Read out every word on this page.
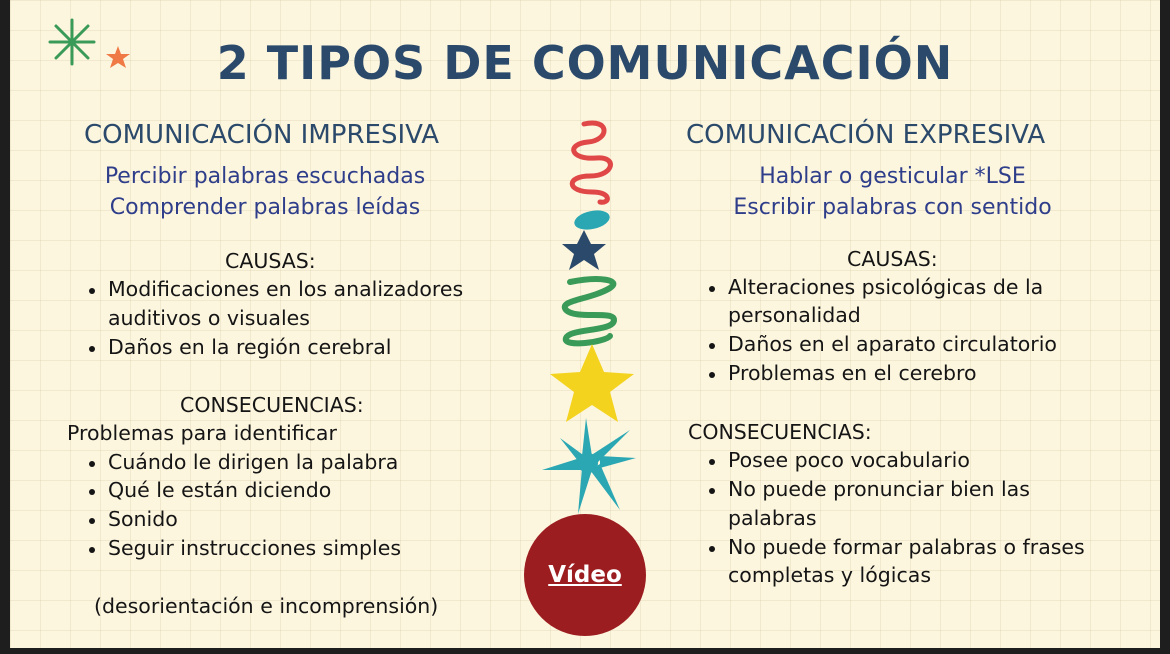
2 TIPOS DE COMUNICACIÓN
COMUNICACIÓN IMPRESIVA
Percibir palabras escuchadas
Comprender palabras leídas
CAUSAS:
Modificaciones en los analizadores
auditivos o visuales
Daños en la región cerebral
CONSECUENCIAS:
Problemas para identificar
Cuándo le dirigen la palabra
Qué le están diciendo
Sonido
Seguir instrucciones simples
(desorientación e incomprensión)
COMUNICACIÓN EXPRESIVA
Hablar o gesticular *LSE
Escribir palabras con sentido
CAUSAS:
Alteraciones psicológicas de la
personalidad
Daños en el aparato circulatorio
Problemas en el cerebro
CONSECUENCIAS:
Posee poco vocabulario
No puede pronunciar bien las
palabras
No puede formar palabras o frases
completas y lógicas
Vídeo
